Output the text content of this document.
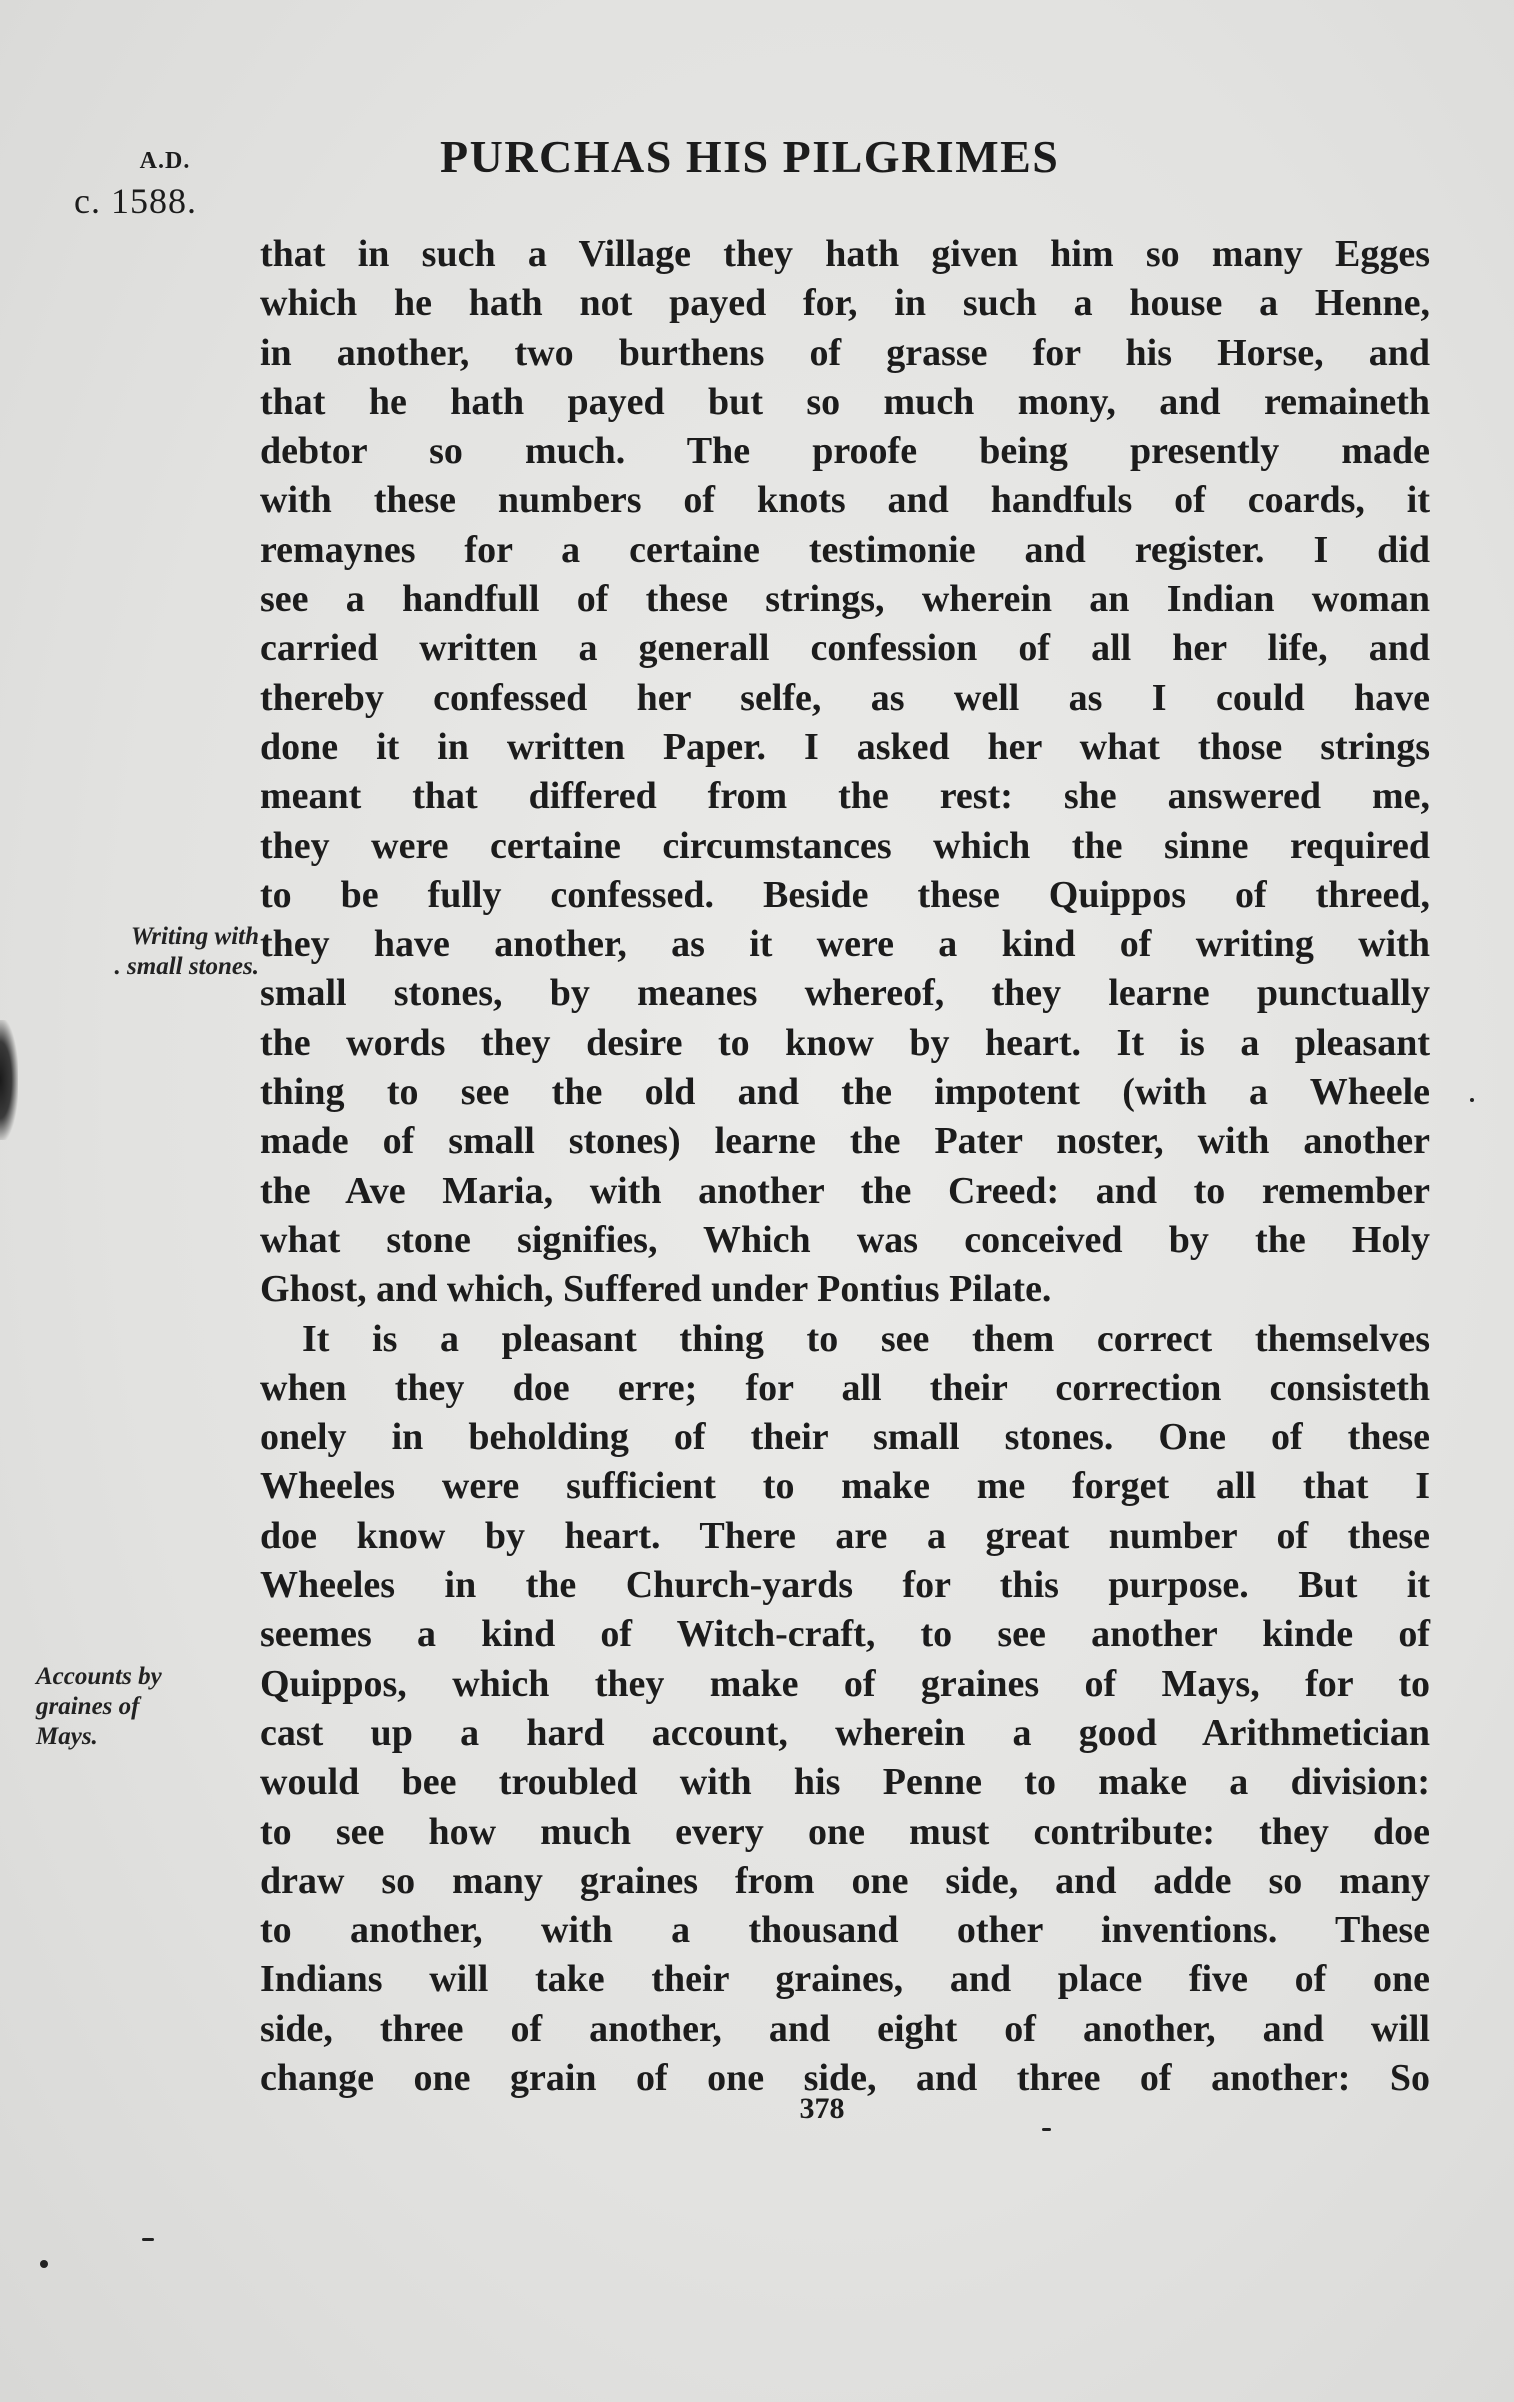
A.D.
c. 1588.
PURCHAS HIS PILGRIMES
that in such a Village they hath given him so many Egges
which he hath not payed for, in such a house a Henne,
in another, two burthens of grasse for his Horse, and
that he hath payed but so much mony, and remaineth
debtor so much. The proofe being presently made
with these numbers of knots and handfuls of coards, it
remaynes for a certaine testimonie and register. I did
see a handfull of these strings, wherein an Indian woman
carried written a generall confession of all her life, and
thereby confessed her selfe, as well as I could have
done it in written Paper. I asked her what those strings
meant that differed from the rest: she answered me,
they were certaine circumstances which the sinne required
to be fully confessed. Beside these Quippos of threed,
they have another, as it were a kind of writing with
small stones, by meanes whereof, they learne punctually
the words they desire to know by heart. It is a pleasant
thing to see the old and the impotent (with a Wheele
made of small stones) learne the Pater noster, with another
the Ave Maria, with another the Creed: and to remember
what stone signifies, Which was conceived by the Holy
Ghost, and which, Suffered under Pontius Pilate.
It is a pleasant thing to see them correct themselves
when they doe erre; for all their correction consisteth
onely in beholding of their small stones. One of these
Wheeles were sufficient to make me forget all that I
doe know by heart. There are a great number of these
Wheeles in the Church-yards for this purpose. But it
seemes a kind of Witch-craft, to see another kinde of
Quippos, which they make of graines of Mays, for to
cast up a hard account, wherein a good Arithmetician
would bee troubled with his Penne to make a division:
to see how much every one must contribute: they doe
draw so many graines from one side, and adde so many
to another, with a thousand other inventions. These
Indians will take their graines, and place five of one
side, three of another, and eight of another, and will
change one grain of one side, and three of another: So
Writing with
. small stones.
Accounts by
graines of
Mays.
378
